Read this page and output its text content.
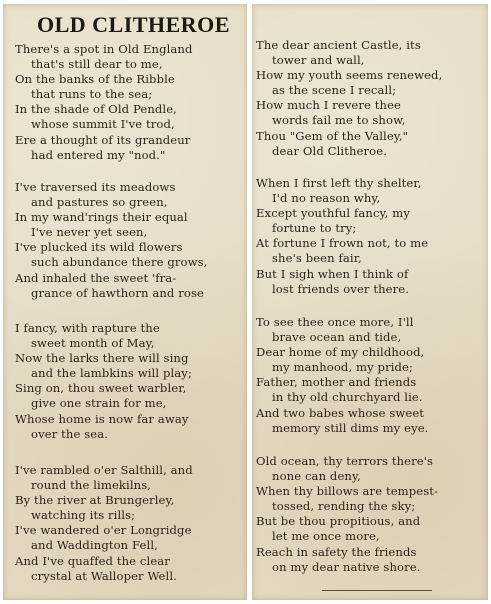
OLD CLITHEROE
There's a spot in Old England
that's still dear to me,
On the banks of the Ribble
that runs to the sea;
In the shade of Old Pendle,
whose summit I've trod,
Ere a thought of its grandeur
had entered my "nod."
I've traversed its meadows
and pastures so green,
In my wand'rings their equal
I've never yet seen,
I've plucked its wild flowers
such abundance there grows,
And inhaled the sweet 'fra-
grance of hawthorn and rose
I fancy, with rapture the
sweet month of May,
Now the larks there will sing
and the lambkins will play;
Sing on, thou sweet warbler,
give one strain for me,
Whose home is now far away
over the sea.
I've rambled o'er Salthill, and
round the limekilns,
By the river at Brungerley,
watching its rills;
I've wandered o'er Longridge
and Waddington Fell,
And I've quaffed the clear
crystal at Walloper Well.
The dear ancient Castle, its
tower and wall,
How my youth seems renewed,
as the scene I recall;
How much I revere thee
words fail me to show,
Thou "Gem of the Valley,"
dear Old Clitheroe.
When I first left thy shelter,
I'd no reason why,
Except youthful fancy, my
fortune to try;
At fortune I frown not, to me
she's been fair,
But I sigh when I think of
lost friends over there.
To see thee once more, I'll
brave ocean and tide,
Dear home of my childhood,
my manhood, my pride;
Father, mother and friends
in thy old churchyard lie.
And two babes whose sweet
memory still dims my eye.
Old ocean, thy terrors there's
none can deny,
When thy billows are tempest-
tossed, rending the sky;
But be thou propitious, and
let me once more,
Reach in safety the friends
on my dear native shore.
